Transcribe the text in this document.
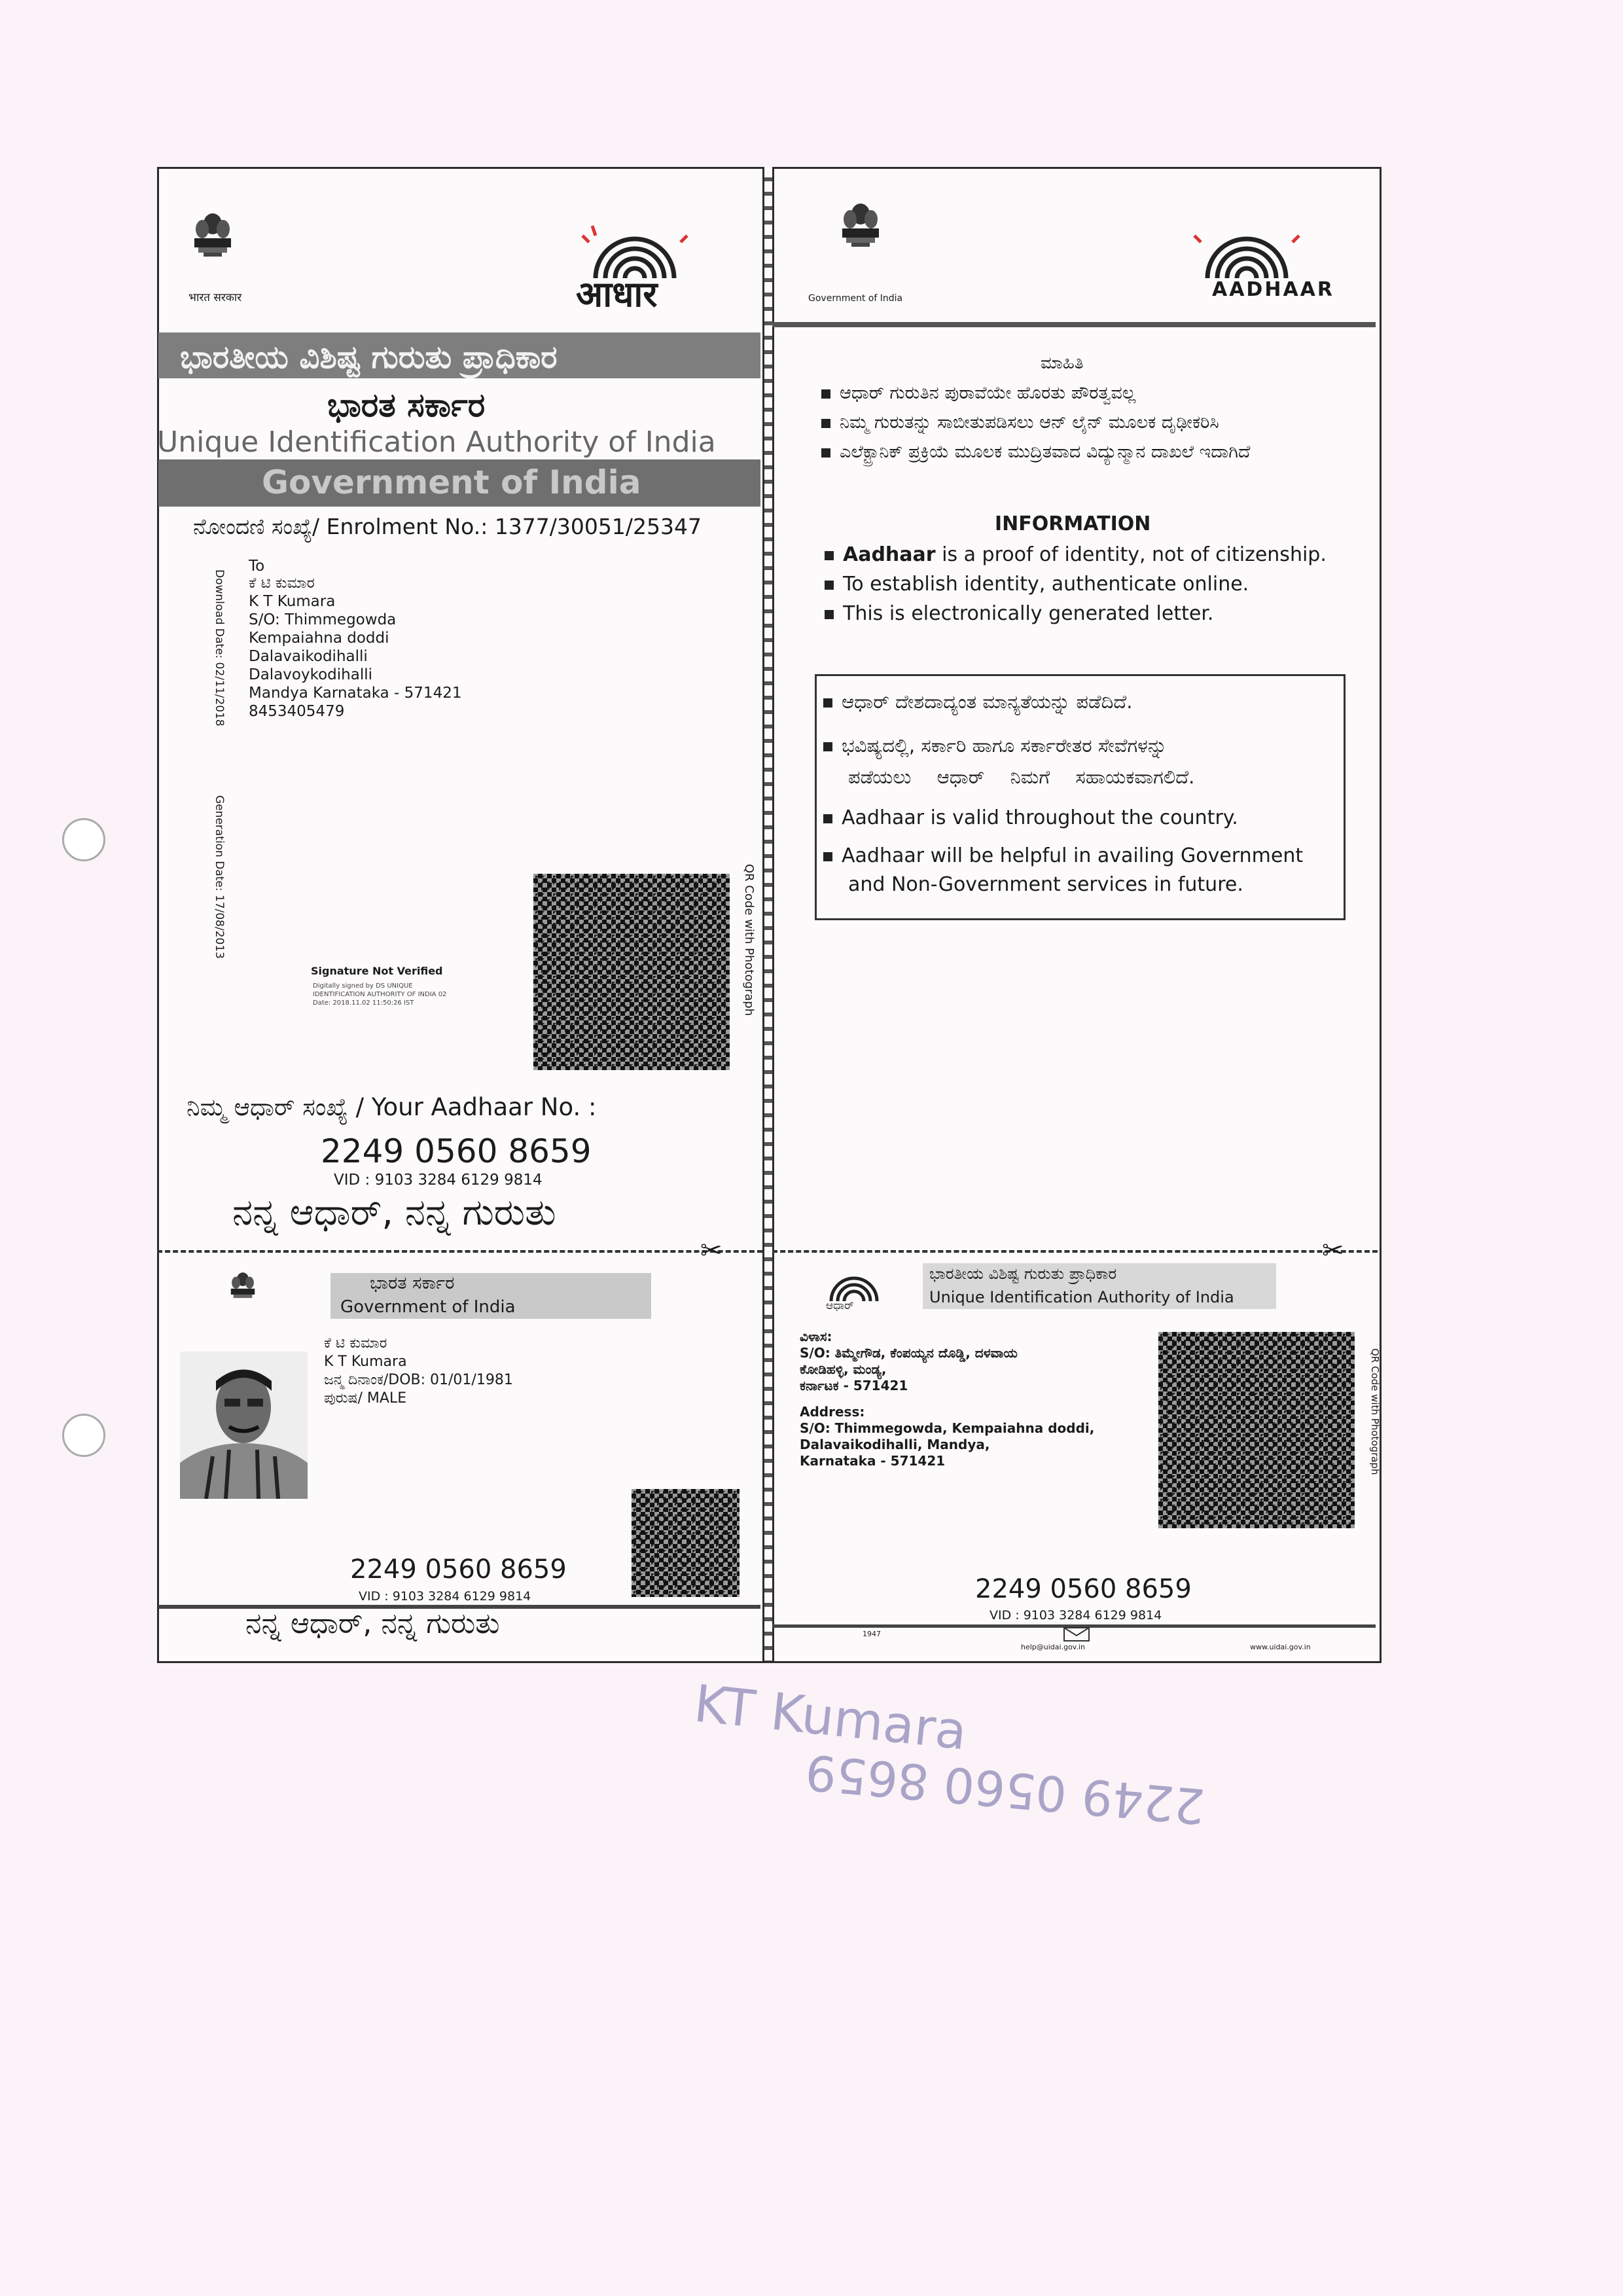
✂	✂
भारत सरकार	आधार
ಭಾರತೀಯ ವಿಶಿಷ್ಟ ಗುರುತು ಪ್ರಾಧಿಕಾರ
ಭಾರತ ಸರ್ಕಾರ
Unique Identification Authority of India
Government of India
ನೋಂದಣಿ ಸಂಖ್ಯೆ/ Enrolment No.: 1377/30051/25347
Download Date: 02/11/2018
Generation Date: 17/08/2013
To
ಕೆ ಟಿ ಕುಮಾರ
K T Kumara
S/O: Thimmegowda
Kempaiahna doddi
Dalavaikodihalli
Dalavoykodihalli
Mandya Karnataka - 571421
8453405479
QR Code with Photograph
Signature Not Verified
Digitally signed by DS UNIQUE IDENTIFICATION AUTHORITY OF INDIA 02 Date: 2018.11.02 11:50:26 IST
ನಿಮ್ಮ ಆಧಾರ್ ಸಂಖ್ಯೆ / Your Aadhaar No. :
2249 0560 8659
VID : 9103 3284 6129 9814
ನನ್ನ ಆಧಾರ್, ನನ್ನ ಗುರುತು
Government of India	AADHAAR
ಮಾಹಿತಿ
ಆಧಾರ್ ಗುರುತಿನ ಪುರಾವೆಯೇ ಹೊರತು ಪೌರತ್ವವಲ್ಲ
ನಿಮ್ಮ ಗುರುತನ್ನು ಸಾಬೀತುಪಡಿಸಲು ಆನ್ ಲೈನ್ ಮೂಲಕ ದೃಢೀಕರಿಸಿ
ಎಲೆಕ್ಟ್ರಾನಿಕ್ ಪ್ರಕ್ರಿಯೆ ಮೂಲಕ ಮುದ್ರಿತವಾದ ವಿದ್ಯುನ್ಮಾನ ದಾಖಲೆ ಇದಾಗಿದೆ
INFORMATION
Aadhaar is a proof of identity, not of citizenship.
To establish identity, authenticate online.
This is electronically generated letter.
ಆಧಾರ್ ದೇಶದಾದ್ಯಂತ ಮಾನ್ಯತೆಯನ್ನು ಪಡೆದಿದೆ.
ಭವಿಷ್ಯದಲ್ಲಿ, ಸರ್ಕಾರಿ ಹಾಗೂ ಸರ್ಕಾರೇತರ ಸೇವೆಗಳನ್ನು
ಪಡೆಯಲು ಆಧಾರ್ ನಿಮಗೆ ಸಹಾಯಕವಾಗಲಿದೆ.
Aadhaar is valid throughout the country.
Aadhaar will be helpful in availing Government
and Non-Government services in future.
ಭಾರತ ಸರ್ಕಾರ
Government of India
ಕೆ ಟಿ ಕುಮಾರ
K T Kumara
ಜನ್ಮ ದಿನಾಂಕ/DOB: 01/01/1981
ಪುರುಷ/ MALE
2249 0560 8659
VID : 9103 3284 6129 9814
ನನ್ನ ಆಧಾರ್, ನನ್ನ ಗುರುತು
ಆಧಾರ್
ಭಾರತೀಯ ವಿಶಿಷ್ಟ ಗುರುತು ಪ್ರಾಧಿಕಾರ
Unique Identification Authority of India
ವಿಳಾಸ:
S/O: ತಿಮ್ಮೇಗೌಡ, ಕೆಂಪಯ್ಯನ ದೊಡ್ಡಿ, ದಳವಾಯ
ಕೋಡಿಹಳ್ಳಿ, ಮಂಡ್ಯ,
ಕರ್ನಾಟಕ - 571421
Address:
S/O: Thimmegowda, Kempaiahna doddi,
Dalavaikodihalli, Mandya,
Karnataka - 571421	QR Code with Photograph
2249 0560 8659
VID : 9103 3284 6129 9814
1947
help@uidai.gov.in	www.uidai.gov.in
KT Kumara
2249 0560 8659
